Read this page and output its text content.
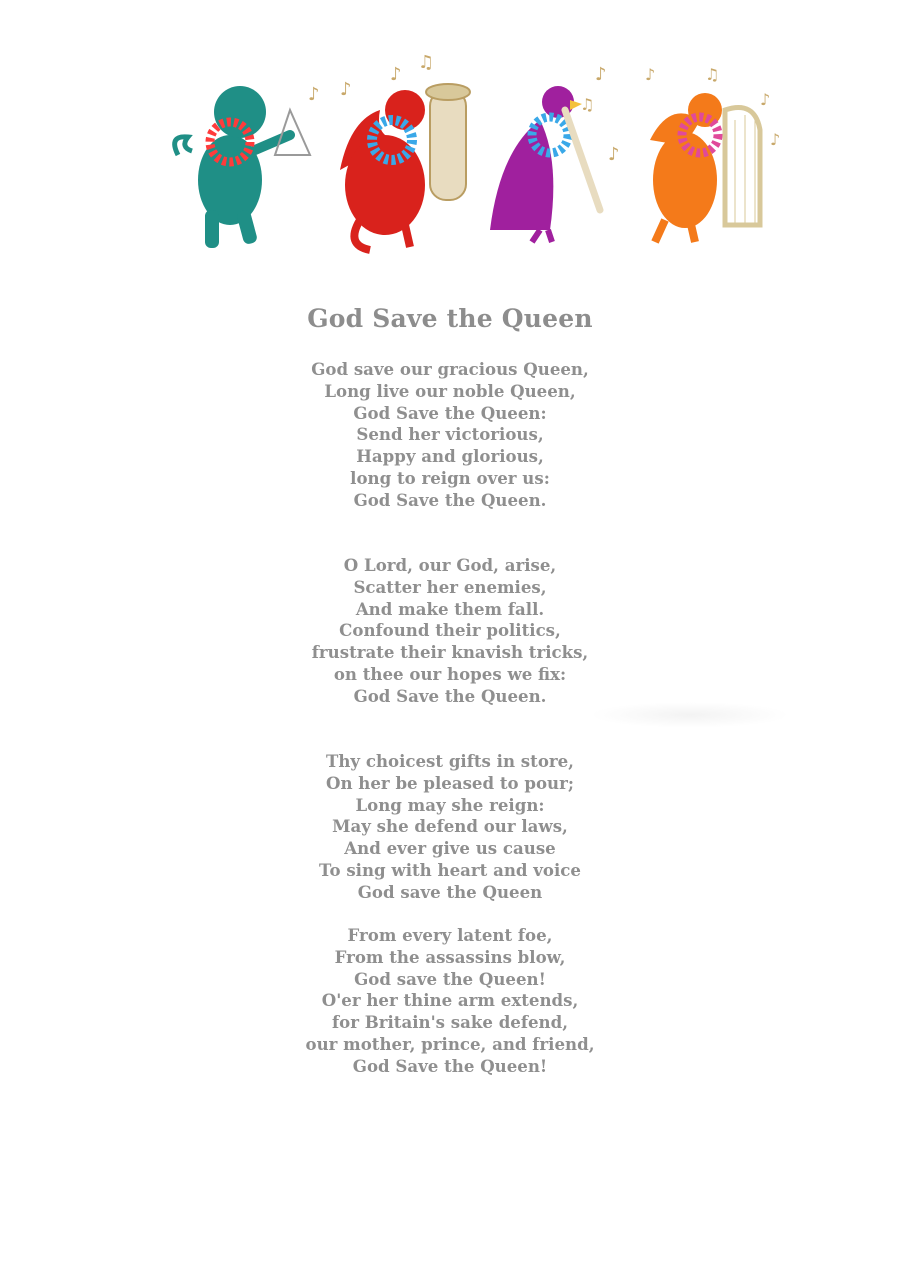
♪
♪
♫
♪
♪
♪
♫
♪	♫
♪
♪
God Save the Queen
God save our gracious Queen,
Long live our noble Queen,
God Save the Queen:
Send her victorious,
Happy and glorious,
long to reign over us:
God Save the Queen.
O Lord, our God, arise,
Scatter her enemies,
And make them fall.
Confound their politics,
frustrate their knavish tricks,
on thee our hopes we fix:
God Save the Queen.
Thy choicest gifts in store,
On her be pleased to pour;
Long may she reign:
May she defend our laws,
And ever give us cause
To sing with heart and voice
God save the Queen
From every latent foe,
From the assassins blow,
God save the Queen!
O'er her thine arm extends,
for Britain's sake defend,
our mother, prince, and friend,
God Save the Queen!
